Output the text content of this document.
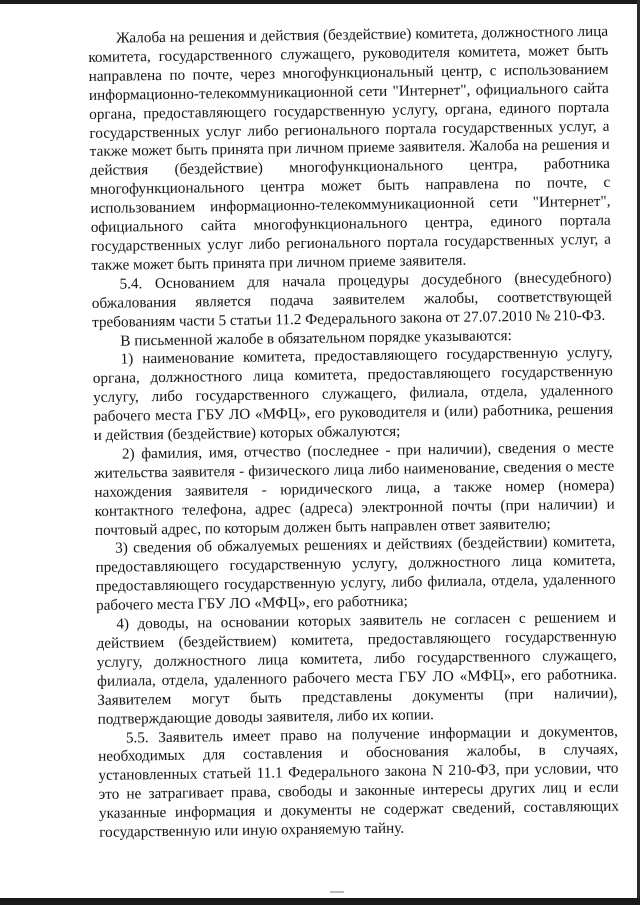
Жалоба на решения и действия (бездействие) комитета, должностного лица комитета, государственного служащего, руководителя комитета, может быть направлена по почте, через многофункциональный центр, с использованием информационно-телекоммуникационной сети "Интернет", официального сайта органа, предоставляющего государственную услугу, органа, единого портала государственных услуг либо регионального портала государственных услуг, а также может быть принята при личном приеме заявителя. Жалоба на решения и действия (бездействие) многофункционального центра, работника многофункционального центра может быть направлена по почте, с использованием информационно-телекоммуникационной сети "Интернет", официального сайта многофункционального центра, единого портала государственных услуг либо регионального портала государственных услуг, а также может быть принята при личном приеме заявителя.

5.4. Основанием для начала процедуры досудебного (внесудебного) обжалования является подача заявителем жалобы, соответствующей требованиям части 5 статьи 11.2 Федерального закона от 27.07.2010 № 210-ФЗ.

В письменной жалобе в обязательном порядке указываются:

1) наименование комитета, предоставляющего государственную услугу, органа, должностного лица комитета, предоставляющего государственную услугу, либо государственного служащего, филиала, отдела, удаленного рабочего места ГБУ ЛО «МФЦ», его руководителя и (или) работника, решения и действия (бездействие) которых обжалуются;

2) фамилия, имя, отчество (последнее - при наличии), сведения о месте жительства заявителя - физического лица либо наименование, сведения о месте нахождения заявителя - юридического лица, а также номер (номера) контактного телефона, адрес (адреса) электронной почты (при наличии) и почтовый адрес, по которым должен быть направлен ответ заявителю;

3) сведения об обжалуемых решениях и действиях (бездействии) комитета, предоставляющего государственную услугу, должностного лица комитета, предоставляющего государственную услугу, либо филиала, отдела, удаленного рабочего места ГБУ ЛО «МФЦ», его работника;

4) доводы, на основании которых заявитель не согласен с решением и действием (бездействием) комитета, предоставляющего государственную услугу, должностного лица комитета, либо государственного служащего, филиала, отдела, удаленного рабочего места ГБУ ЛО «МФЦ», его работника. Заявителем могут быть представлены документы (при наличии), подтверждающие доводы заявителя, либо их копии.

5.5. Заявитель имеет право на получение информации и документов, необходимых для составления и обоснования жалобы, в случаях, установленных статьей 11.1 Федерального закона N 210-ФЗ, при условии, что это не затрагивает права, свободы и законные интересы других лиц и если указанные информация и документы не содержат сведений, составляющих государственную или иную охраняемую тайну.
